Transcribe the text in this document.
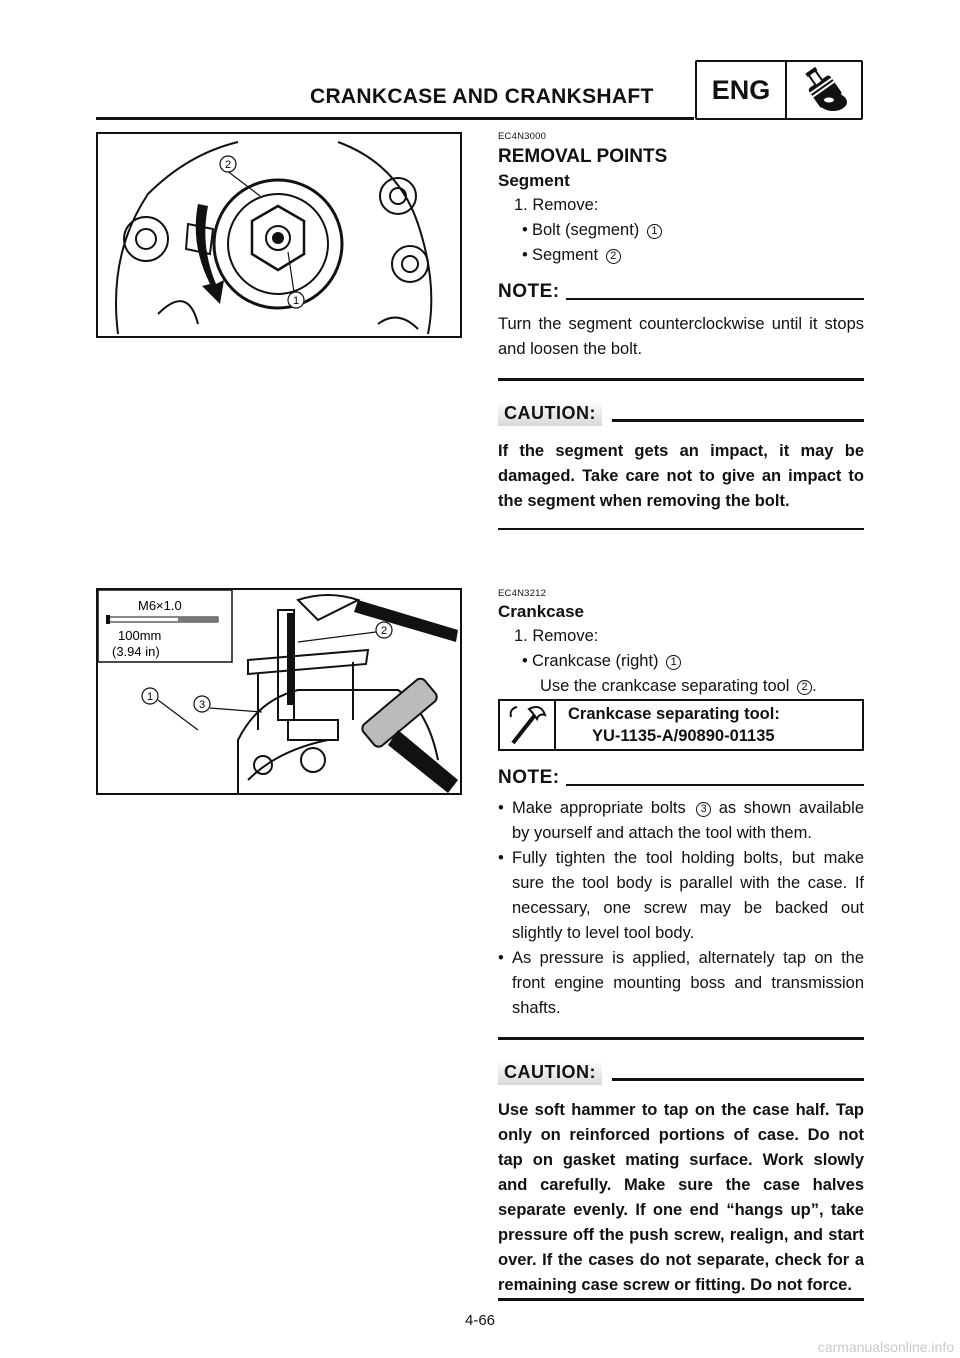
CRANKCASE AND CRANKSHAFT	ENG
2
1
M6×1.0
100mm
(3.94 in)
1
2
3
EC4N3000
REMOVAL POINTS
Segment
1. Remove:
• Bolt (segment) 1
• Segment 2
NOTE:
Turn the segment counterclockwise until it stops and loosen the bolt.
CAUTION:
If the segment gets an impact, it may be damaged. Take care not to give an impact to the segment when removing the bolt.
EC4N3212
Crankcase
1. Remove:
• Crankcase (right) 1
Use the crankcase separating tool 2 .
Crankcase separating tool:
YU-1135-A/90890-01135
NOTE:
• Make appropriate bolts 3 as shown available by yourself and attach the tool with them.
• Fully tighten the tool holding bolts, but make sure the tool body is parallel with the case. If necessary, one screw may be backed out slightly to level tool body.
• As pressure is applied, alternately tap on the front engine mounting boss and transmission shafts.
CAUTION:
Use soft hammer to tap on the case half. Tap only on reinforced portions of case. Do not tap on gasket mating surface. Work slowly and carefully. Make sure the case halves separate evenly. If one end “hangs up”, take pressure off the push screw, realign, and start over. If the cases do not separate, check for a remaining case screw or fitting. Do not force.
4-66
carmanualsonline.info
